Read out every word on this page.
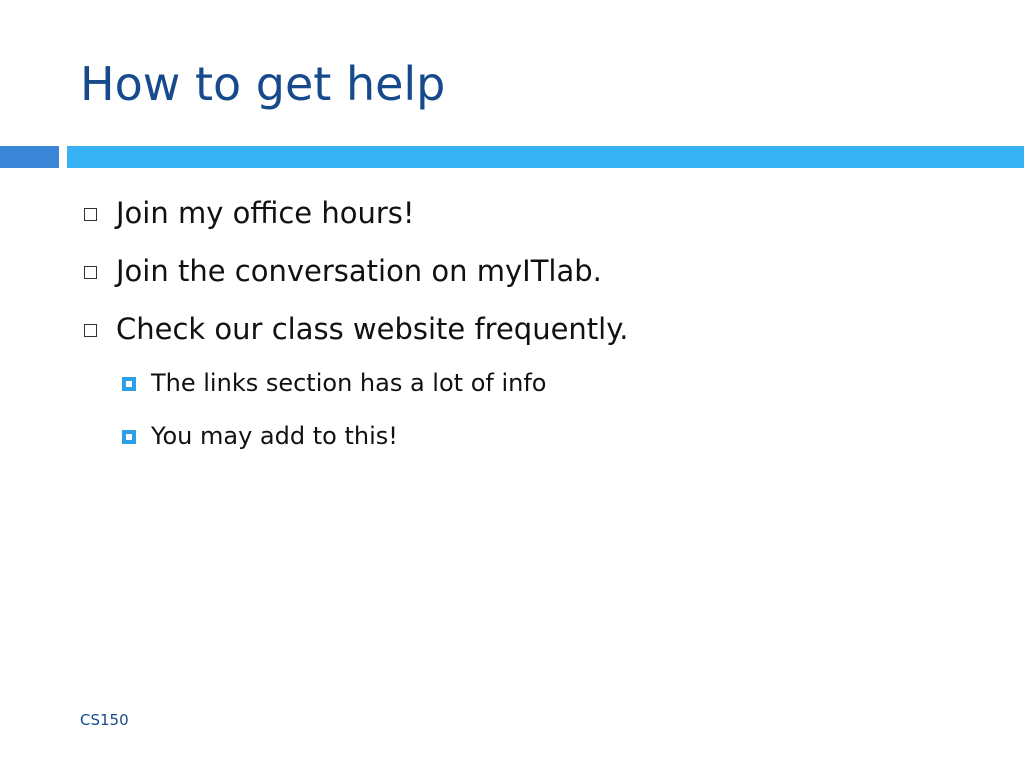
How to get help
Join my office hours!
Join the conversation on myITlab.
Check our class website frequently.
The links section has a lot of info
You may add to this!
CS150
